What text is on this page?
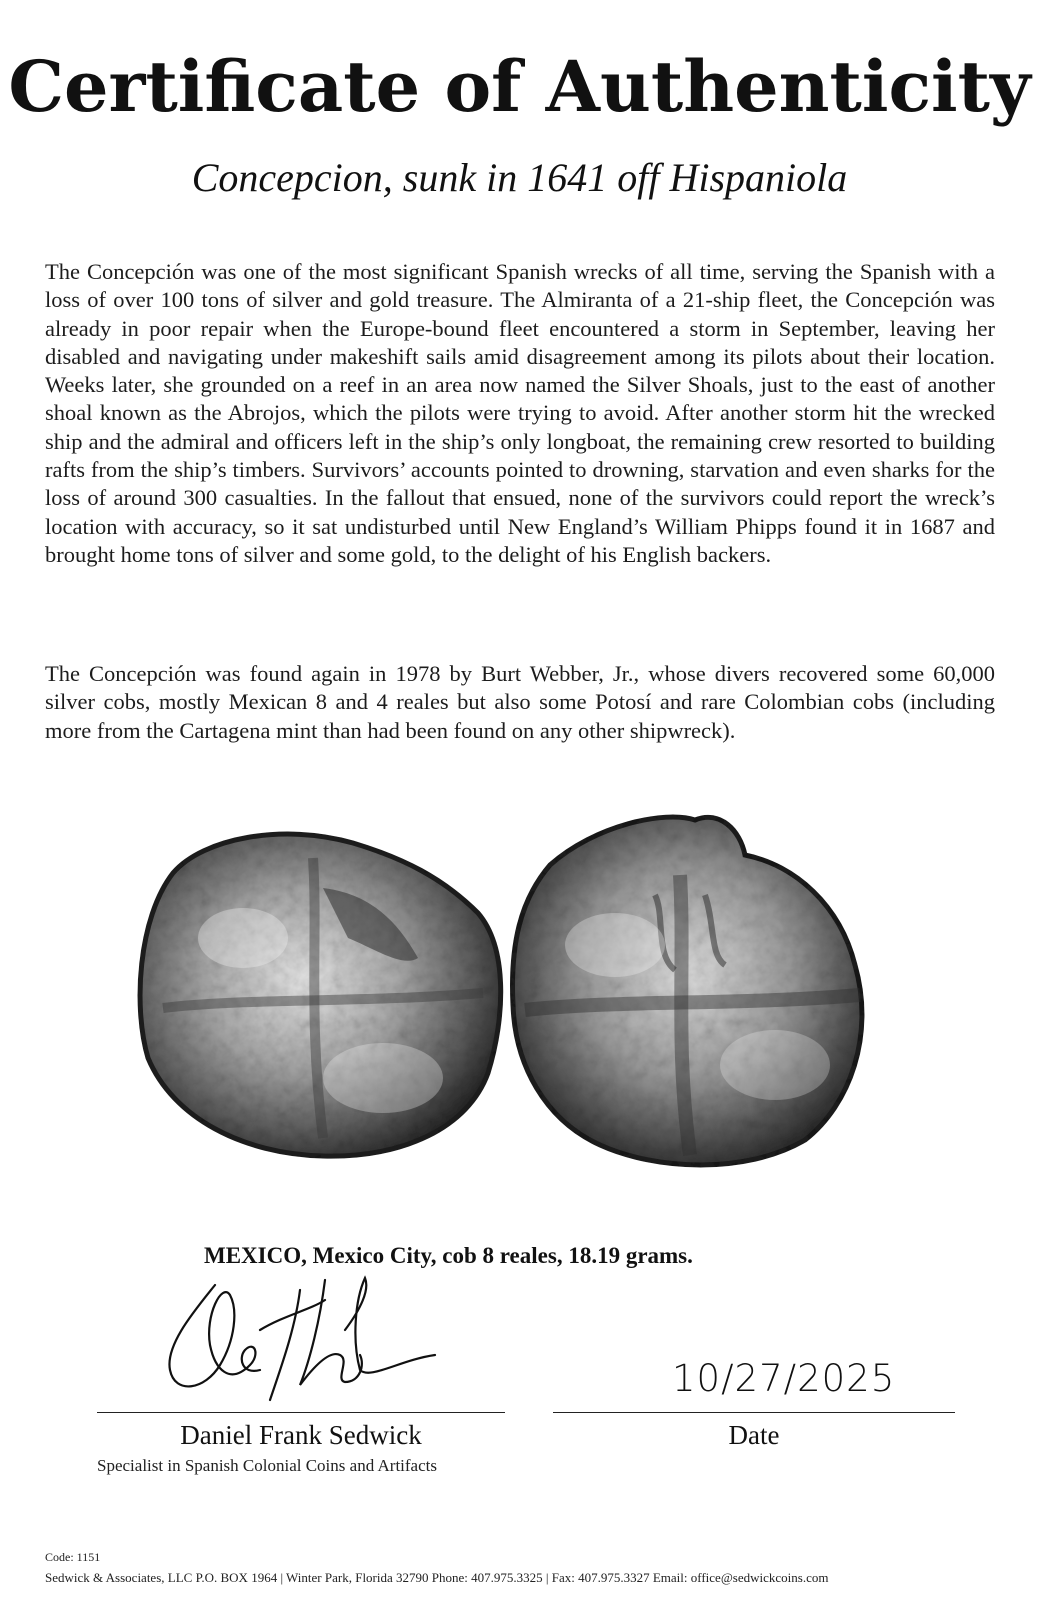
Certificate of Authenticity
Concepcion, sunk in 1641 off Hispaniola

The Concepción was one of the most significant Spanish wrecks of all time, serving the Spanish with a loss of over 100 tons of silver and gold treasure. The Almiranta of a 21-ship fleet, the Concepción was already in poor repair when the Europe-bound fleet encountered a storm in September, leaving her disabled and navigating under makeshift sails amid disagreement among its pilots about their location. Weeks later, she grounded on a reef in an area now named the Silver Shoals, just to the east of another shoal known as the Abrojos, which the pilots were trying to avoid. After another storm hit the wrecked ship and the admiral and officers left in the ship’s only longboat, the remaining crew resorted to building rafts from the ship’s timbers. Survivors’ accounts pointed to drowning, starvation and even sharks for the loss of around 300 casualties. In the fallout that ensued, none of the survivors could report the wreck’s location with accuracy, so it sat undisturbed until New England’s William Phipps found it in 1687 and brought home tons of silver and some gold, to the delight of his English backers.

The Concepción was found again in 1978 by Burt Webber, Jr., whose divers recovered some 60,000 silver cobs, mostly Mexican 8 and 4 reales but also some Potosí and rare Colombian cobs (including more from the Cartagena mint than had been found on any other shipwreck).

MEXICO, Mexico City, cob 8 reales, 18.19 grams.
10/27/2025
Daniel Frank Sedwick
Specialist in Spanish Colonial Coins and Artifacts
Date
Code: 1151
Sedwick & Associates, LLC P.O. BOX 1964 | Winter Park, Florida 32790 Phone: 407.975.3325 | Fax: 407.975.3327 Email: office@sedwickcoins.com
